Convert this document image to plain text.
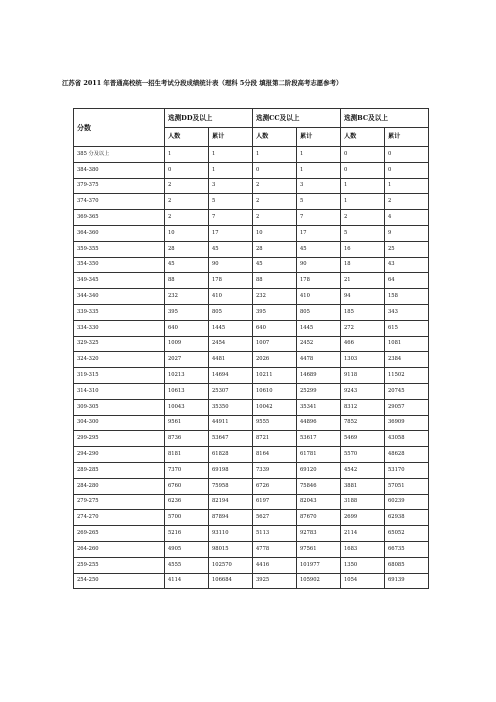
江苏省 2011 年普通高校统一招生考试分段成绩统计表（理科 5分段 填报第二阶段高考志愿参考）
分数	选测DD及以上		选测CC及以上		选测BC及以上	
	人数	累计	人数	累计	人数	累计
385 分及以上	1	1	1	1	0	0
384-380	0	1	0	1	0	0
379-375	2	3	2	3	1	1
374-370	2	5	2	5	1	2
369-365	2	7	2	7	2	4
364-360	10	17	10	17	5	9
359-355	28	45	28	45	16	25
354-350	45	90	45	90	18	43
349-345	88	178	88	178	21	64
344-340	232	410	232	410	94	158
339-335	395	805	395	805	185	343
334-330	640	1445	640	1445	272	615
329-325	1009	2454	1007	2452	466	1081
324-320	2027	4481	2026	4478	1303	2384
319-315	10213	14694	10211	14689	9118	11502
314-310	10613	25307	10610	25299	9243	20745
309-305	10043	35350	10042	35341	8312	29057
304-300	9561	44911	9555	44896	7852	36909
299-295	8736	53647	8721	53617	5469	43058
294-290	8181	61828	8164	61781	5570	48628
289-285	7370	69198	7339	69120	4542	53170
284-280	6760	75958	6726	75846	3881	57051
279-275	6236	82194	6197	82043	3188	60239
274-270	5700	87894	5627	87670	2699	62938
269-265	5216	93110	5113	92783	2114	65052
264-260	4905	98015	4778	97561	1683	66735
259-255	4555	102570	4416	101977	1350	68085
254-250	4114	106684	3925	105902	1054	69139
